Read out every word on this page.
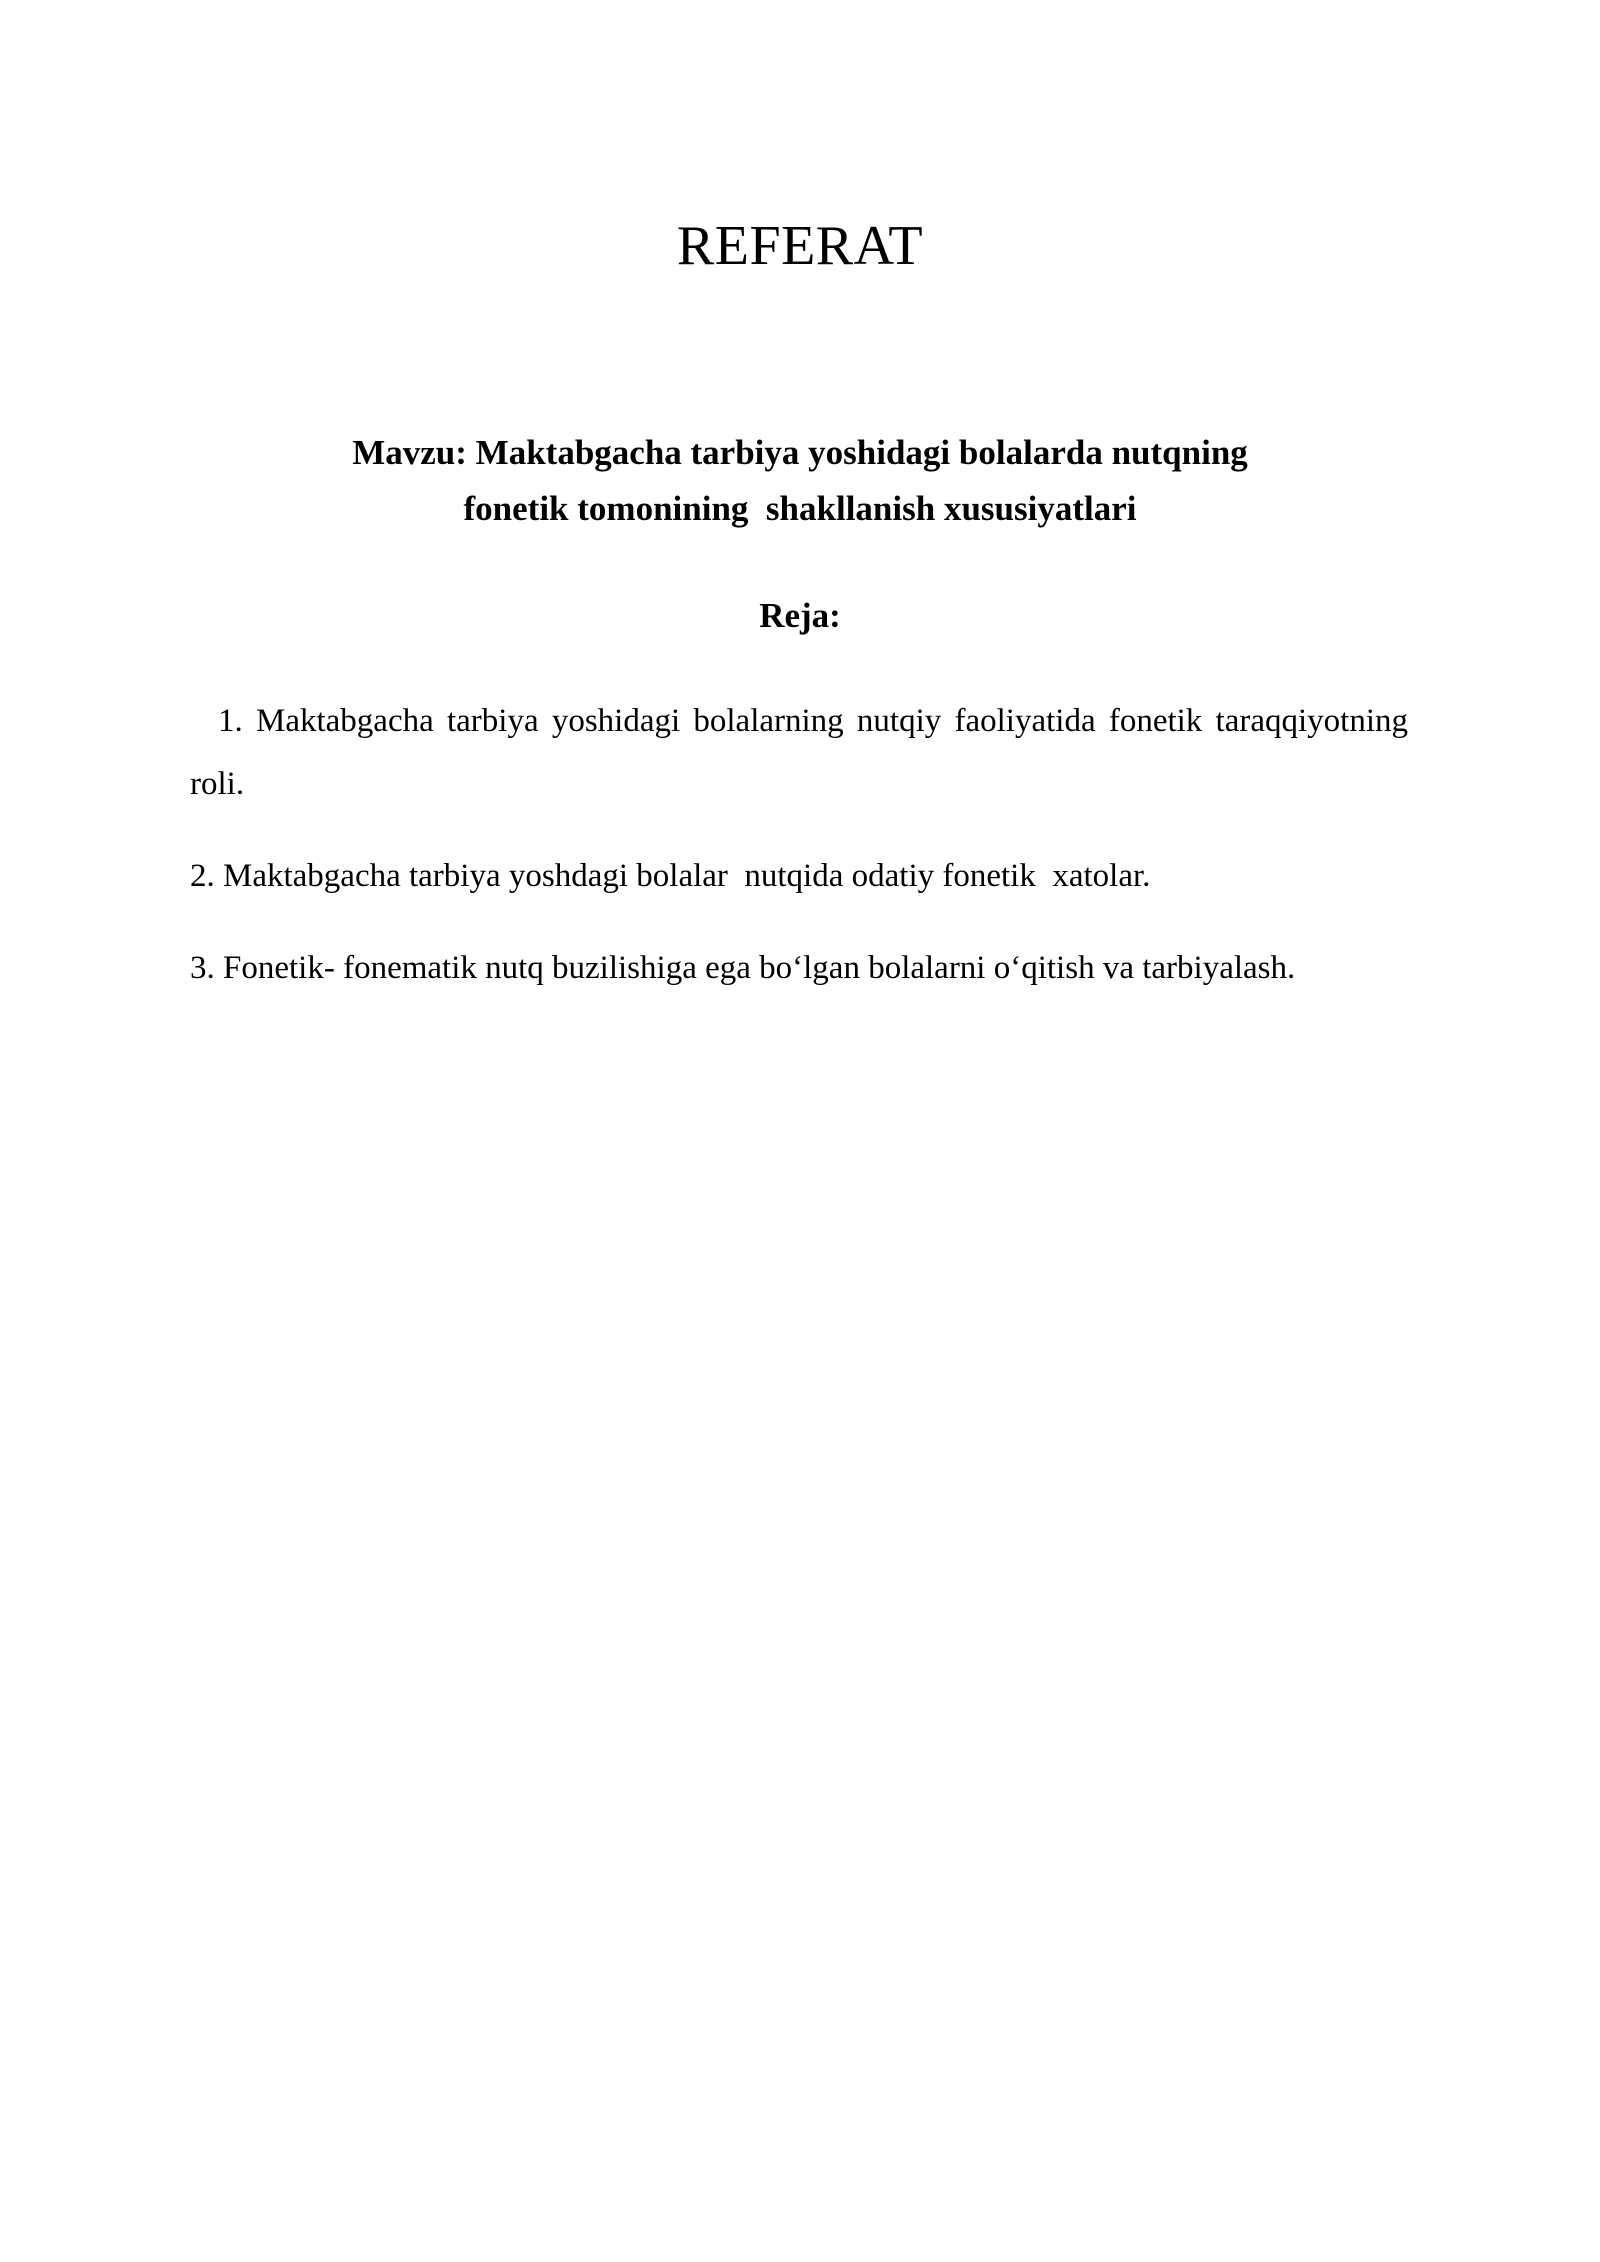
REFERAT
Mavzu: Maktabgacha tarbiya yoshidagi bolalarda nutqning
fonetik tomonining  shakllanish xususiyatlari
Reja:

1. Maktabgacha tarbiya yoshidagi bolalarning nutqiy faoliyatida fonetik taraqqiyotning roli.

2. Maktabgacha tarbiya yoshdagi bolalar  nutqida odatiy fonetik  xatolar.

3. Fonetik- fonematik nutq buzilishiga ega boʻlgan bolalarni oʻqitish va tarbiyalash.
